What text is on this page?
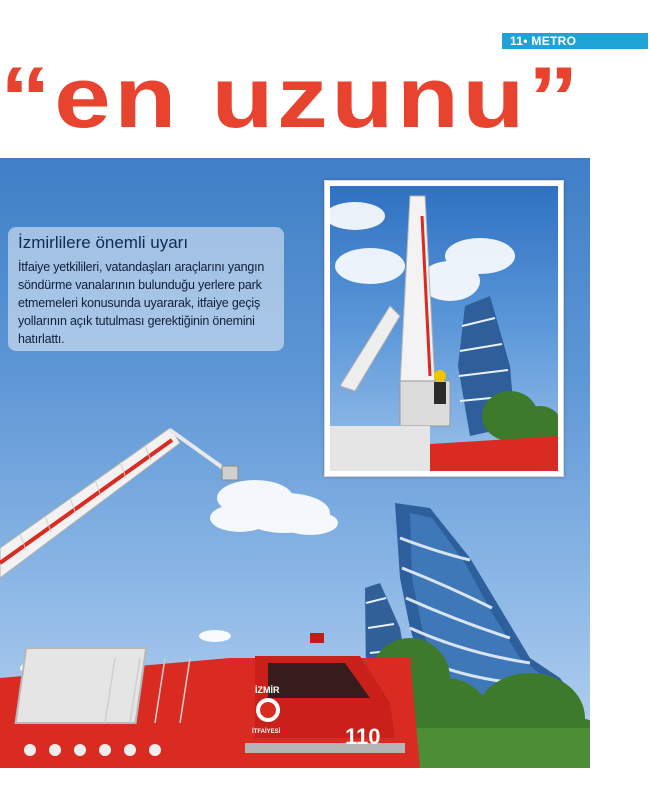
11• METRO
“en uzunu”
İZMİR
İTFAİYESİ	110
İzmirlilere önemli uyarı
İtfaiye yetkilileri, vatandaşları araçlarını yangın söndürme vanalarının bulunduğu yerlere park etmemeleri konusunda uyararak, itfaiye geçiş yollarının açık tutulması gerektiğinin önemini hatırlattı.
